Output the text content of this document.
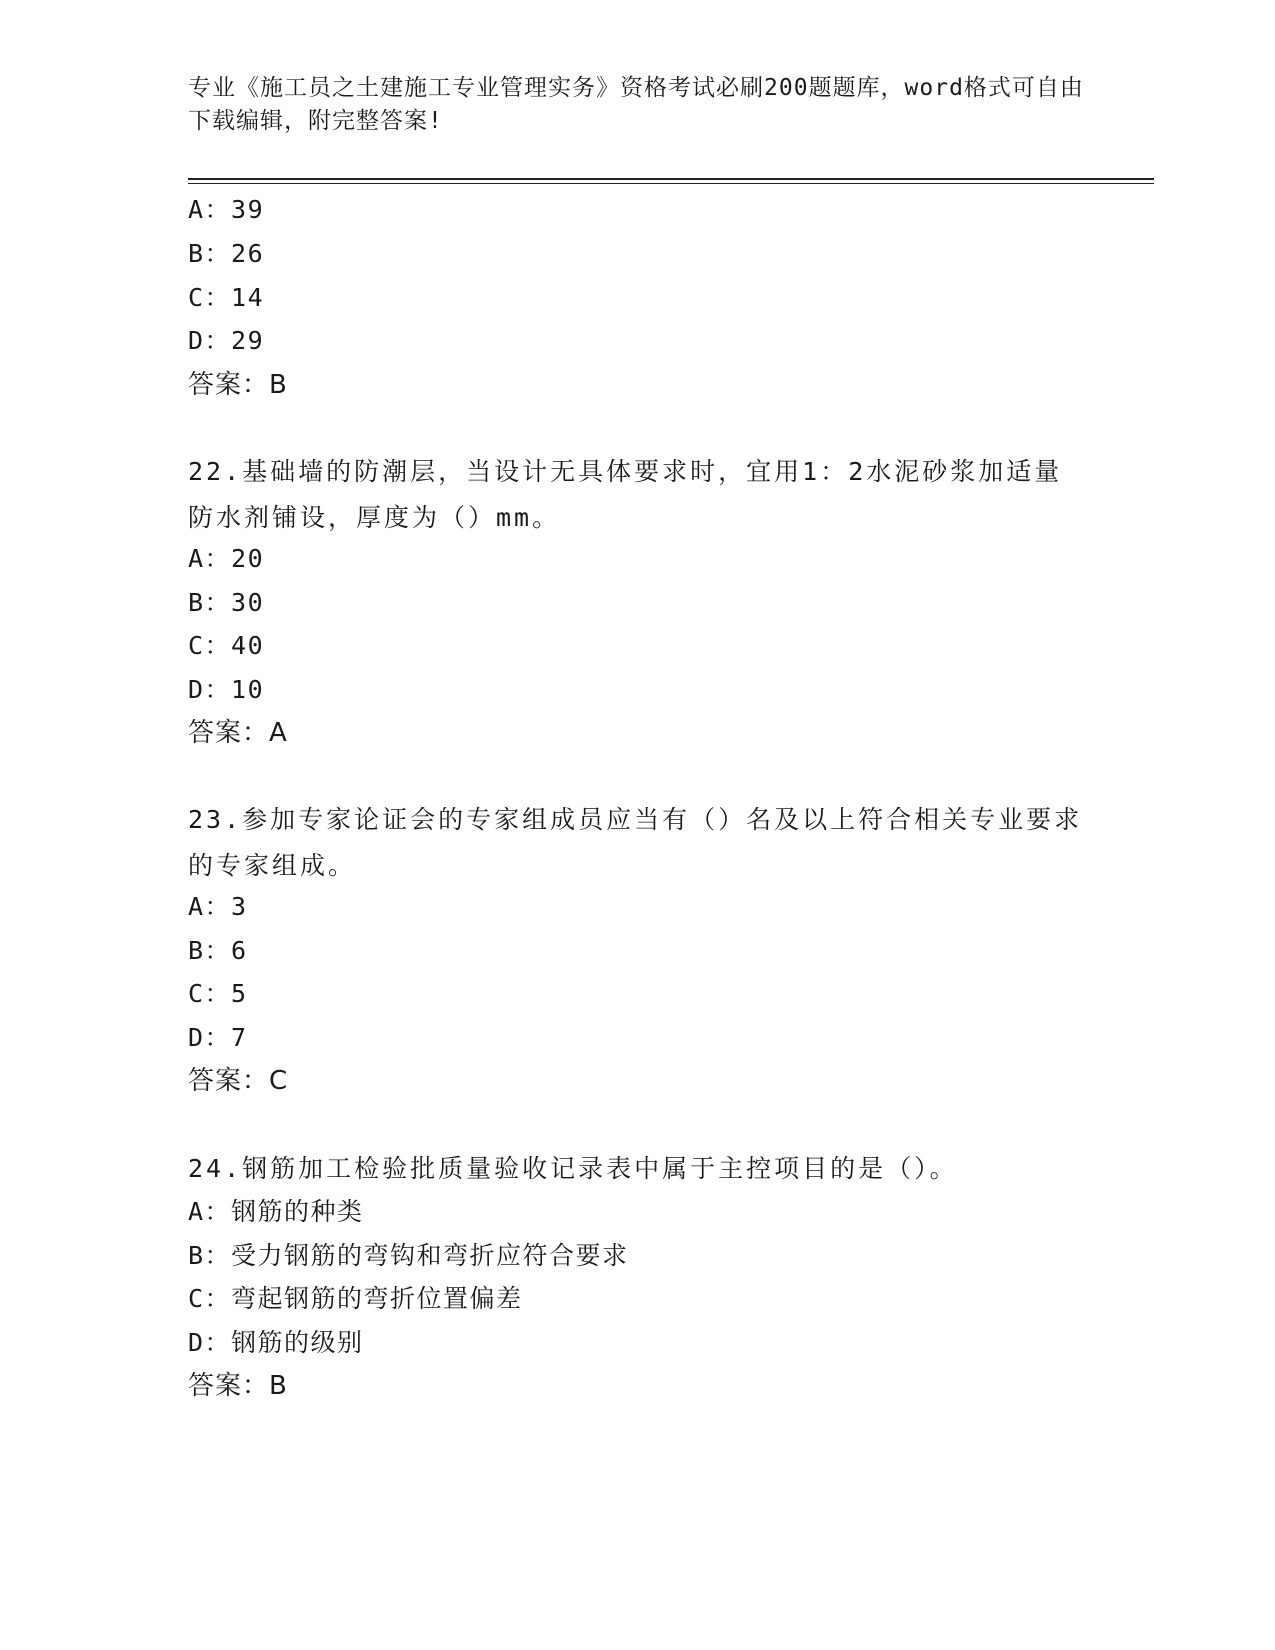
专业《施工员之土建施工专业管理实务》资格考试必刷200题题库，word格式可自由下载编辑，附完整答案!
A：39
B：26
C：14
D：29
答案：B
22.基础墙的防潮层，当设计无具体要求时，宜用1：2水泥砂浆加适量防水剂铺设，厚度为（）mm。
A：20
B：30
C：40
D：10
答案：A
23.参加专家论证会的专家组成员应当有（）名及以上符合相关专业要求的专家组成。
A：3
B：6
C：5
D：7
答案：C
24.钢筋加工检验批质量验收记录表中属于主控项目的是（）。
A：钢筋的种类
B：受力钢筋的弯钩和弯折应符合要求
C：弯起钢筋的弯折位置偏差
D：钢筋的级别
答案：B
